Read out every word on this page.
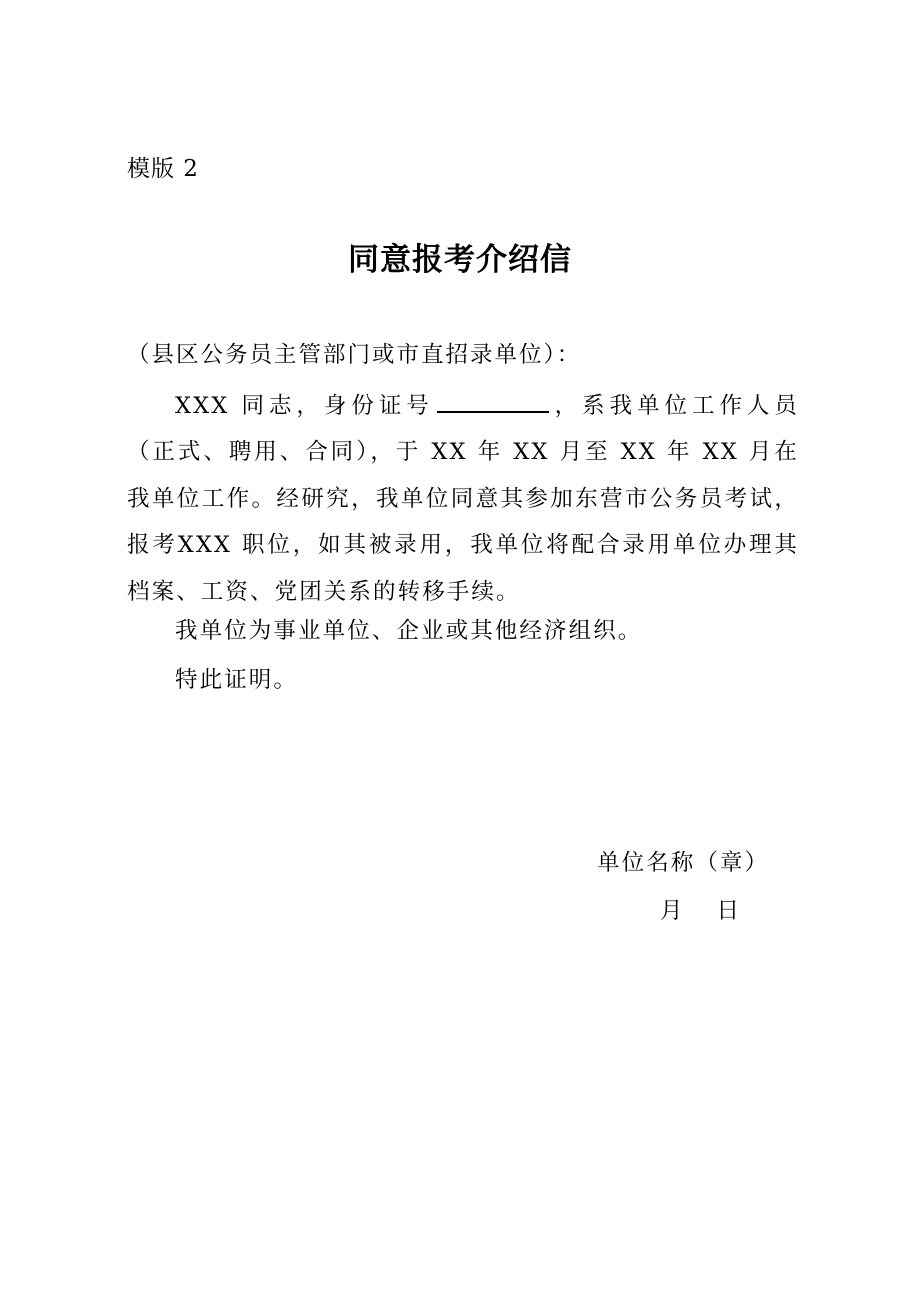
模版 2
同意报考介绍信
（县区公务员主管部门或市直招录单位）：
XXX 同志，身份证号	，系我单位工作人员（正式、聘用、合同），于 XX 年 XX 月至 XX 年 XX 月在我单位工作。经研究，我单位同意其参加东营市公务员考试，报考XXX 职位，如其被录用，我单位将配合录用单位办理其档案、工资、党团关系的转移手续。
我单位为事业单位、企业或其他经济组织。
特此证明。
单位名称（章）
月 日
